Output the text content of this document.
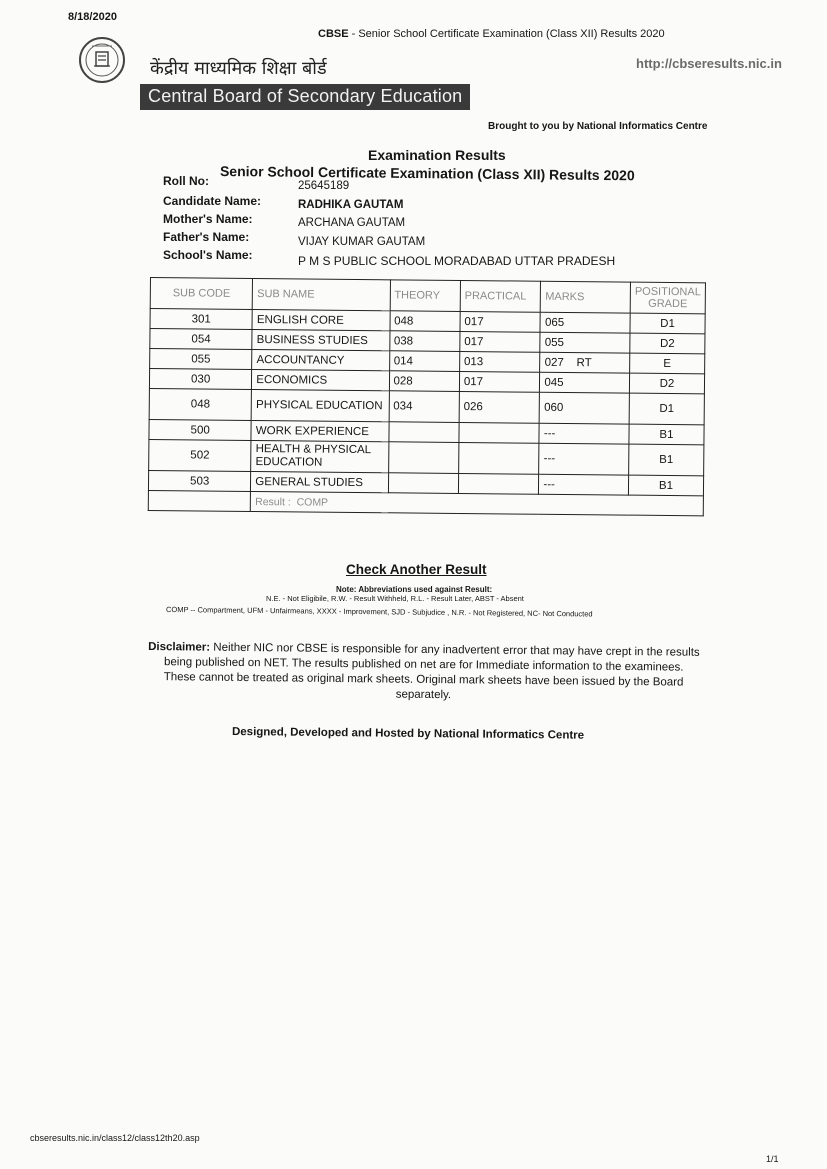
8/18/2020
CBSE - Senior School Certificate Examination (Class XII) Results 2020
केंद्रीय माध्यमिक शिक्षा बोर्ड
Central Board of Secondary Education
http://cbseresults.nic.in
Brought to you by National Informatics Centre
Examination Results
Senior School Certificate Examination (Class XII) Results 2020
Roll No:	25645189
Candidate Name:	RADHIKA GAUTAM
Mother's Name:	ARCHANA GAUTAM
Father's Name:	VIJAY KUMAR GAUTAM
School's Name:	P M S PUBLIC SCHOOL MORADABAD UTTAR PRADESH
SUB CODE	SUB NAME	THEORY	PRACTICAL	MARKS	POSITIONAL
GRADE
301	ENGLISH CORE	048	017	065	D1
054	BUSINESS STUDIES	038	017	055	D2
055	ACCOUNTANCY	014	013	027    RT	E
030	ECONOMICS	028	017	045	D2
048	PHYSICAL EDUCATION	034	026	060	D1
500	WORK EXPERIENCE			---	B1
502	HEALTH & PHYSICAL EDUCATION			---	B1
503	GENERAL STUDIES			---	B1
	Result : COMP				
Check Another Result
Note: Abbreviations used against Result:
N.E. - Not Eligibile, R.W. - Result Withheld, R.L. - Result Later, ABST - Absent
COMP -- Compartment, UFM - Unfairmeans, XXXX - Improvement, SJD - Subjudice , N.R. - Not Registered, NC- Not Conducted
Disclaimer: Neither NIC nor CBSE is responsible for any inadvertent error that may have crept in the results being published on NET. The results published on net are for Immediate information to the examinees. These cannot be treated as original mark sheets. Original mark sheets have been issued by the Board separately.
Designed, Developed and Hosted by National Informatics Centre
cbseresults.nic.in/class12/class12th20.asp
1/1
